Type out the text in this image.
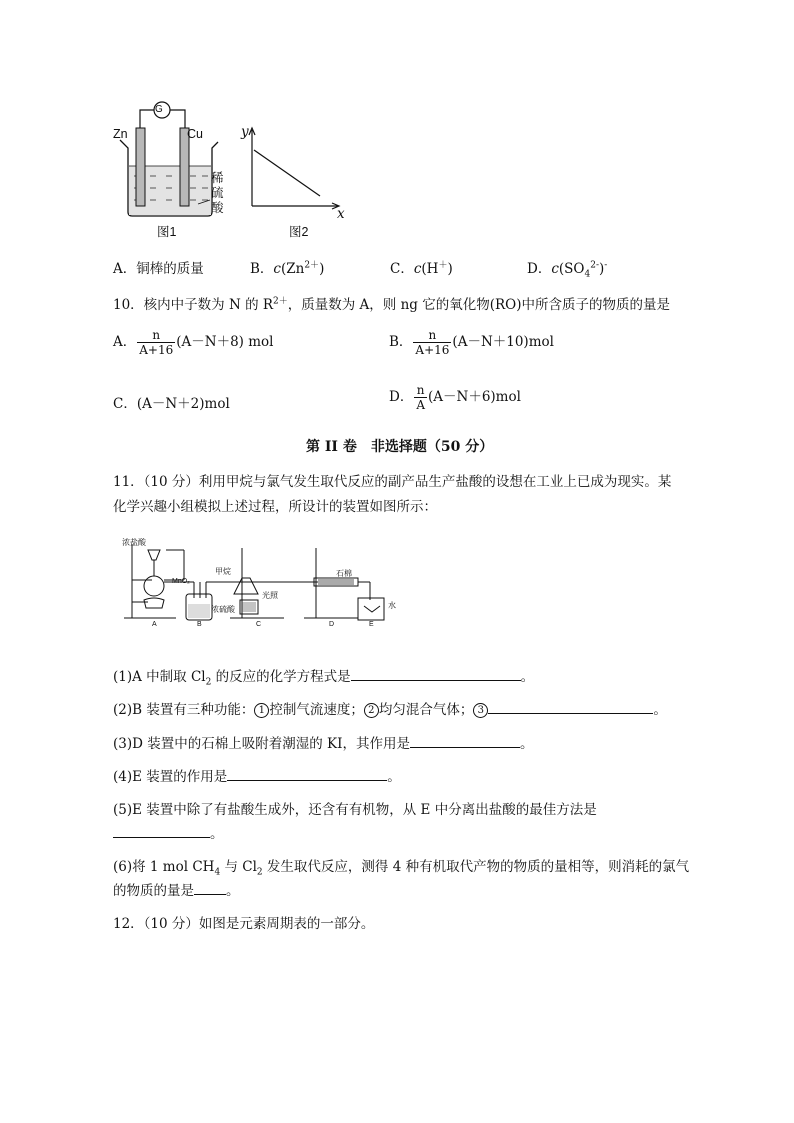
Zn	Cu
G
稀
硫
酸
图1
y
x
图2
A．铜棒的质量	B．$c(Zn^{2+})$	C．c(H＋)	D．$c(SO_4^{2-})^-$
10．核内中子数为 N 的 $R^{2+}$，质量数为 A，则 ng 它的氧化物(RO)中所含质子的物质的量是
A． $\frac{n}{A+16} (A-N+8)$ mol	B． $\frac{n}{A+16} (A-N+10)mol$
C．(A－N＋2)mol	D． $\frac{n}{A} (A-N+6)mol$
第 II 卷　非选择题（50 分）
11．（10 分）利用甲烷与氯气发生取代反应的副产品生产盐酸的设想在工业上已成为现实。某
化学兴趣小组模拟上述过程，所设计的装置如图所示：
浓盐酸
MnO₂
甲烷
浓硫酸
光照
石棉
水
A	B	C	D	E
(1)A 中制取 $Cl_2$ 的反应的化学方程式是	。
(2)B 装置有三种功能： 1 控制气流速度； 2 均匀混合气体； 3	。
(3)D 装置中的石棉上吸附着潮湿的 KI，其作用是	。
(4)E 装置的作用是	。
(5)E 装置中除了有盐酸生成外，还含有有机物，从 E 中分离出盐酸的最佳方法是
。
(6)将 1 mol $CH_4$ 与 $Cl_2$ 发生取代反应，测得 4 种有机取代产物的物质的量相等，则消耗的氯气
的物质的量是 。
12．（10 分）如图是元素周期表的一部分。
